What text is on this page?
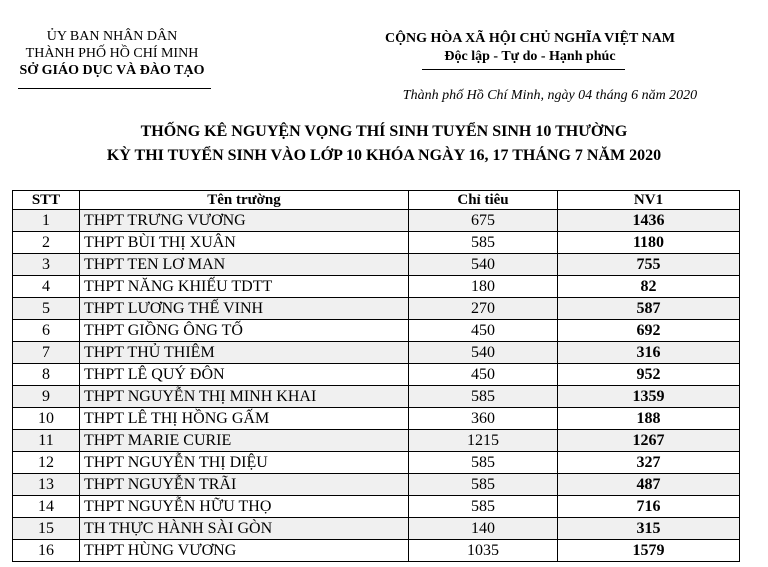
ỦY BAN NHÂN DÂN
THÀNH PHỐ HỒ CHÍ MINH
SỞ GIÁO DỤC VÀ ĐÀO TẠO
CỘNG HÒA XÃ HỘI CHỦ NGHĨA VIỆT NAM
Độc lập - Tự do - Hạnh phúc
Thành phố Hồ Chí Minh, ngày 04 tháng 6 năm 2020
THỐNG KÊ NGUYỆN VỌNG THÍ SINH TUYỂN SINH 10 THƯỜNG
KỲ THI TUYỂN SINH VÀO LỚP 10 KHÓA NGÀY 16, 17 THÁNG 7 NĂM 2020
STT	Tên trường	Chỉ tiêu	NV1
1	THPT TRƯNG VƯƠNG	675	1436
2	THPT BÙI THỊ XUÂN	585	1180
3	THPT TEN LƠ MAN	540	755
4	THPT NĂNG KHIẾU TDTT	180	82
5	THPT LƯƠNG THẾ VINH	270	587
6	THPT GIỒNG ÔNG TỐ	450	692
7	THPT THỦ THIÊM	540	316
8	THPT LÊ QUÝ ĐÔN	450	952
9	THPT NGUYỄN THỊ MINH KHAI	585	1359
10	THPT LÊ THỊ HỒNG GẤM	360	188
11	THPT MARIE CURIE	1215	1267
12	THPT NGUYỄN THỊ DIỆU	585	327
13	THPT NGUYỄN TRÃI	585	487
14	THPT NGUYỄN HỮU THỌ	585	716
15	TH THỰC HÀNH SÀI GÒN	140	315
16	THPT HÙNG VƯƠNG	1035	1579
